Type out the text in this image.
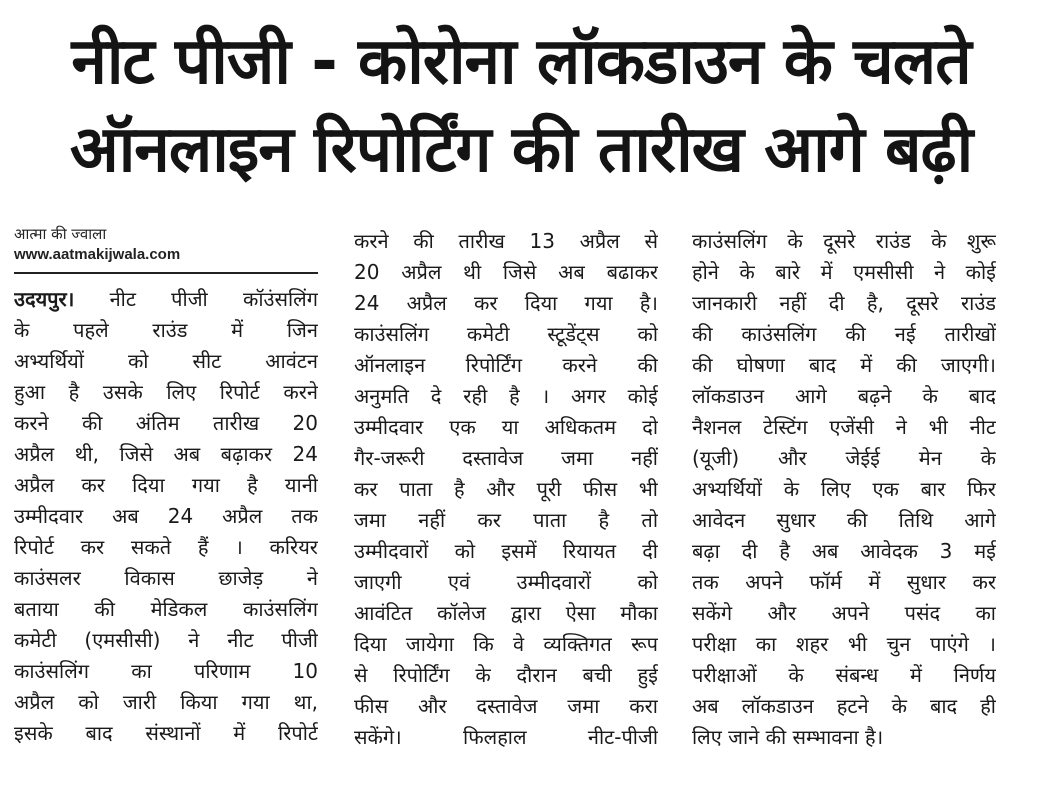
नीट पीजी - कोरोना लॉकडाउन के चलते
ऑनलाइन रिपोर्टिंग की तारीख आगे बढ़ी
आत्मा की ज्वाला
www.aatmakijwala.com
उदयपुर। नीट पीजी कॉउंसलिंग
के पहले राउंड में जिन
अभ्यर्थियों को सीट आवंटन
हुआ है उसके लिए रिपोर्ट करने
करने की अंतिम तारीख 20
अप्रैल थी, जिसे अब बढ़ाकर 24
अप्रैल कर दिया गया है यानी
उम्मीदवार अब 24 अप्रैल तक
रिपोर्ट कर सकते हैं । करियर
काउंसलर विकास छाजेड़ ने
बताया की मेडिकल काउंसलिंग
कमेटी (एमसीसी) ने नीट पीजी
काउंसलिंग का परिणाम 10
अप्रैल को जारी किया गया था,
इसके बाद संस्थानों में रिपोर्ट
करने की तारीख 13 अप्रैल से
20 अप्रैल थी जिसे अब बढाकर
24 अप्रैल कर दिया गया है।
काउंसलिंग कमेटी स्टूडेंट्स को
ऑनलाइन रिपोर्टिंग करने की
अनुमति दे रही है । अगर कोई
उम्मीदवार एक या अधिकतम दो
गैर-जरूरी दस्तावेज जमा नहीं
कर पाता है और पूरी फीस भी
जमा नहीं कर पाता है तो
उम्मीदवारों को इसमें रियायत दी
जाएगी एवं उम्मीदवारों को
आवंटित कॉलेज द्वारा ऐसा मौका
दिया जायेगा कि वे व्यक्तिगत रूप
से रिपोर्टिंग के दौरान बची हुई
फीस और दस्तावेज जमा करा
सकेंगे। फिलहाल नीट-पीजी
काउंसलिंग के दूसरे राउंड के शुरू
होने के बारे में एमसीसी ने कोई
जानकारी नहीं दी है, दूसरे राउंड
की काउंसलिंग की नई तारीखों
की घोषणा बाद में की जाएगी।
लॉकडाउन आगे बढ़ने के बाद
नैशनल टेस्टिंग एजेंसी ने भी नीट
(यूजी) और जेईई मेन के
अभ्यर्थियों के लिए एक बार फिर
आवेदन सुधार की तिथि आगे
बढ़ा दी है अब आवेदक 3 मई
तक अपने फॉर्म में सुधार कर
सकेंगे और अपने पसंद का
परीक्षा का शहर भी चुन पाएंगे ।
परीक्षाओं के संबन्ध में निर्णय
अब लॉकडाउन हटने के बाद ही
लिए जाने की सम्भावना है।
